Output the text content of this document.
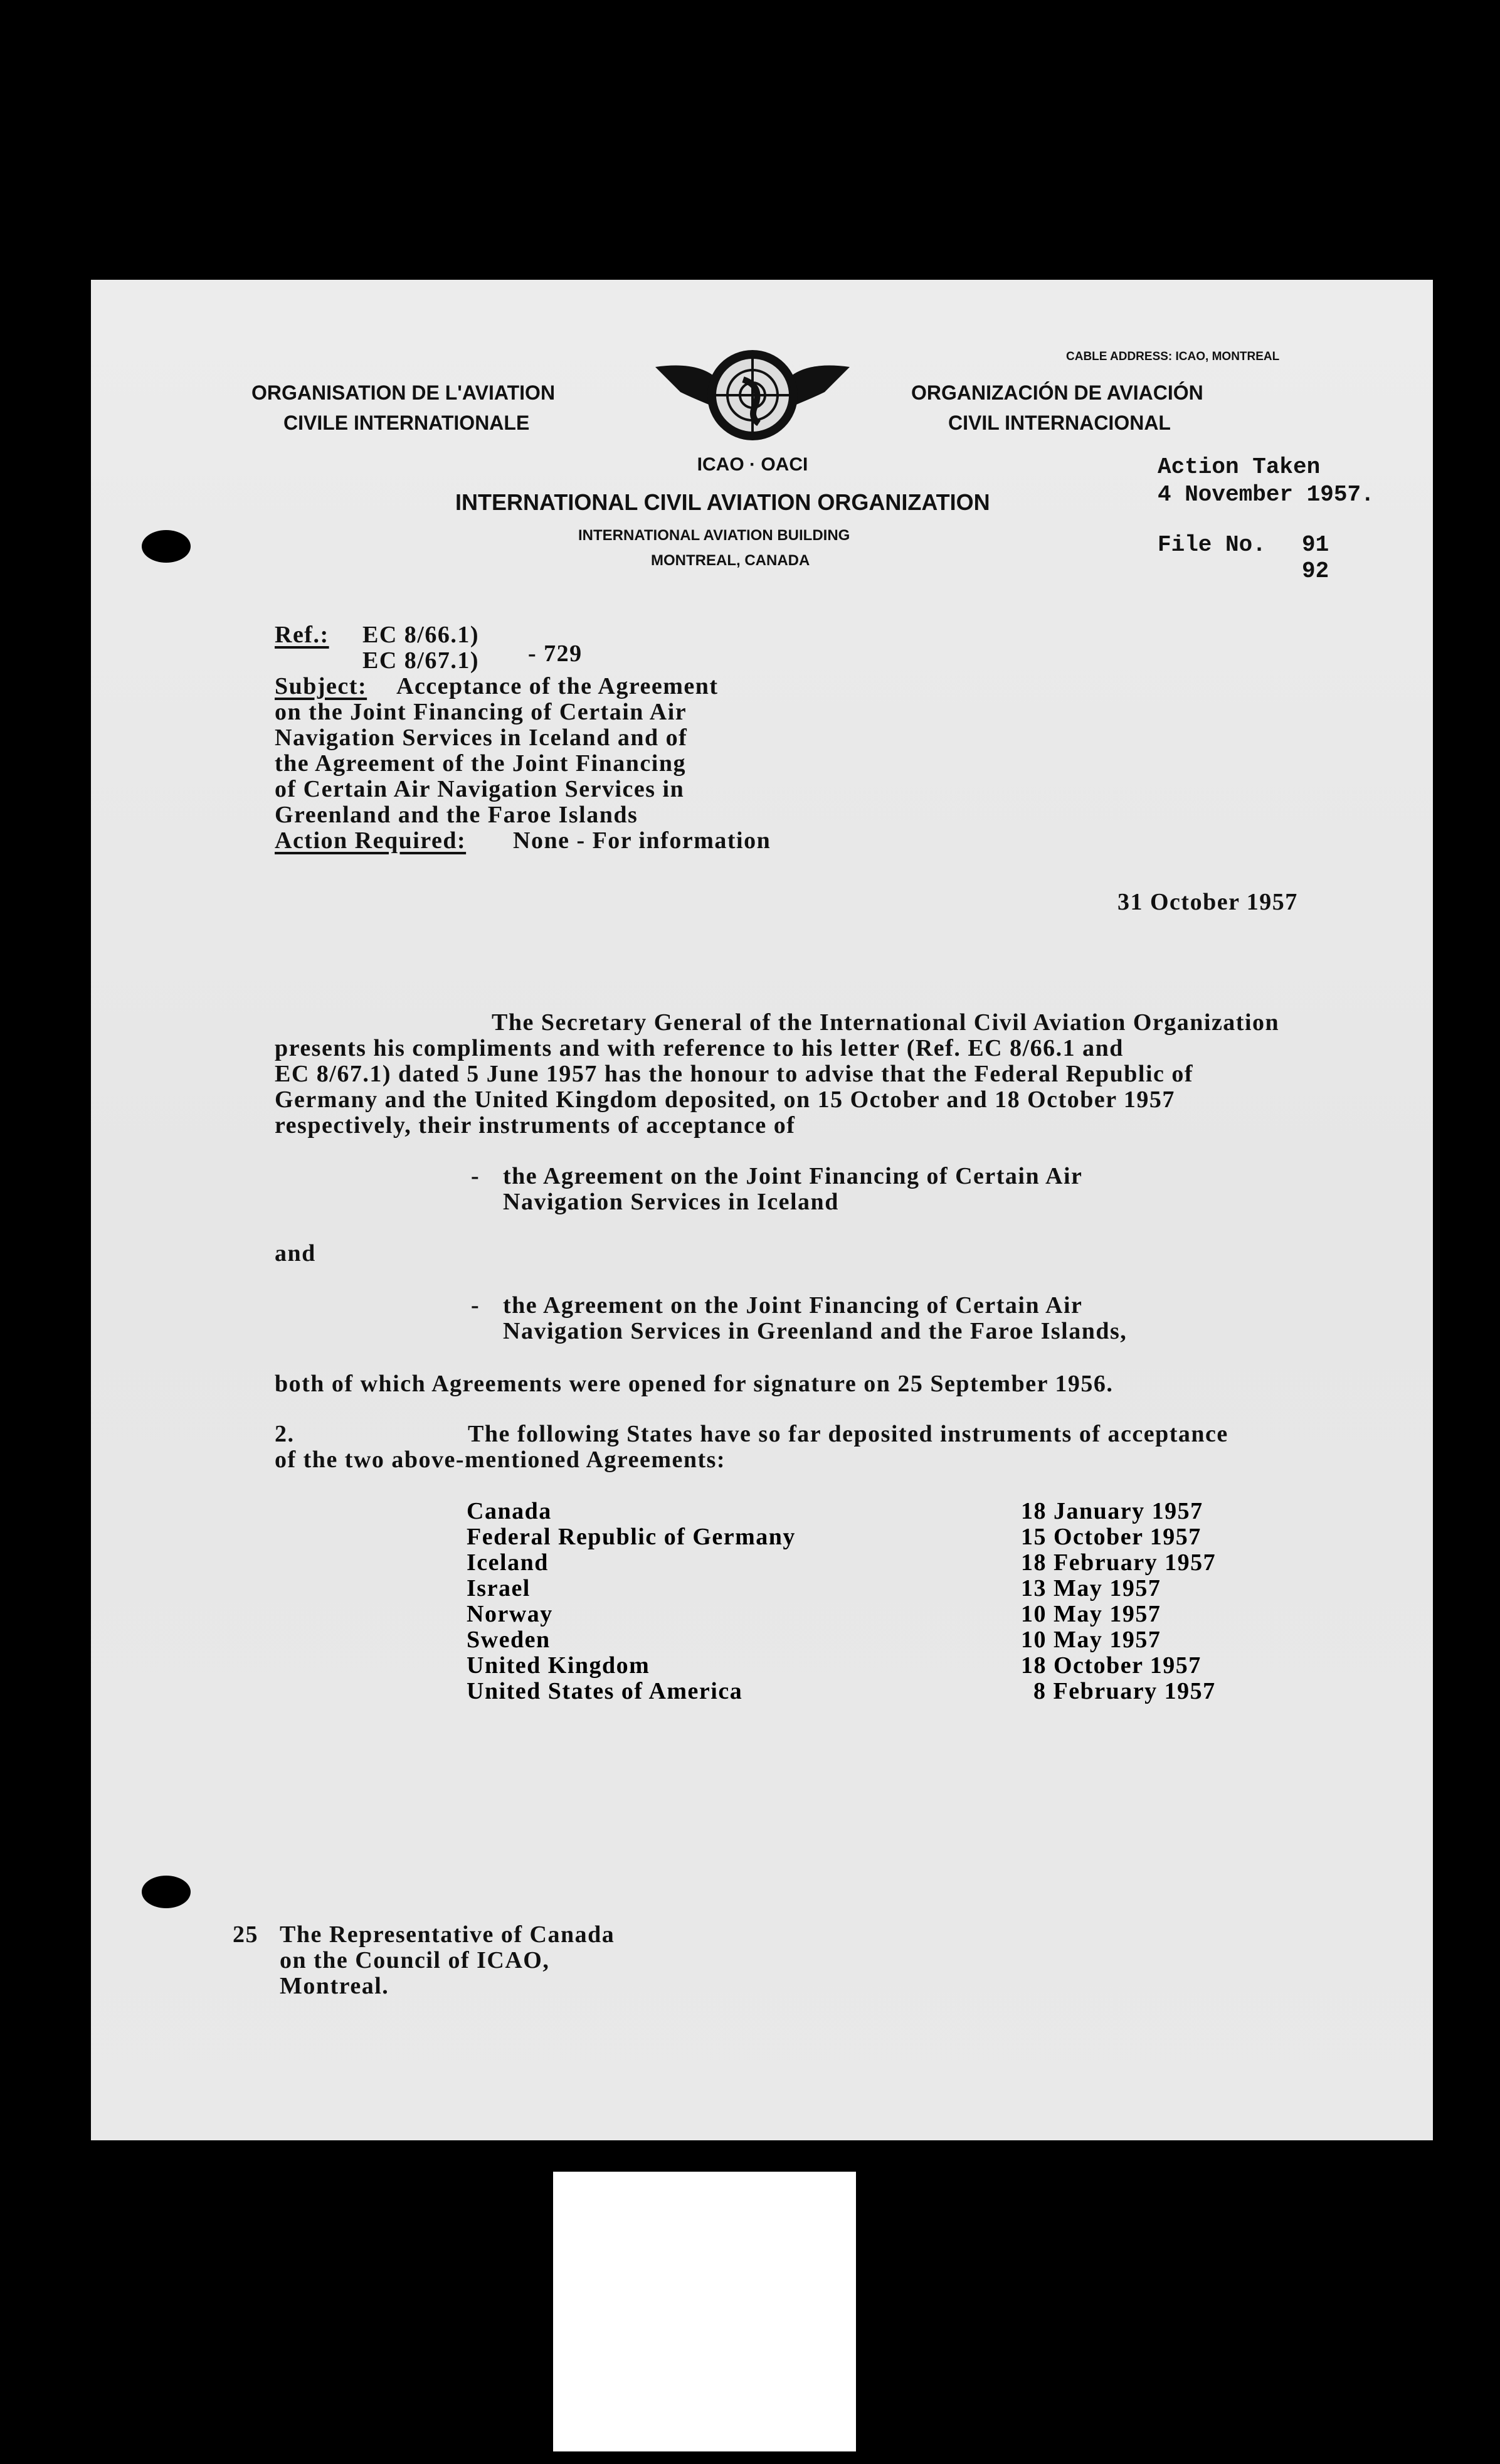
CABLE ADDRESS: ICAO, MONTREAL
ORGANISATION DE L'AVIATION
CIVILE INTERNATIONALE
ORGANIZACIÓN DE AVIACIÓN
CIVIL INTERNACIONAL
ICAO · OACI
INTERNATIONAL CIVIL AVIATION ORGANIZATION
INTERNATIONAL AVIATION BUILDING
MONTREAL, CANADA
Action Taken
4 November 1957.
File No. 91
92
Ref.: EC 8/66.1)
EC 8/67.1) - 729
Subject: Acceptance of the Agreement
on the Joint Financing of Certain Air
Navigation Services in Iceland and of
the Agreement of the Joint Financing
of Certain Air Navigation Services in
Greenland and the Faroe Islands
Action Required: None - For information
31 October 1957
The Secretary General of the International Civil Aviation Organization
presents his compliments and with reference to his letter (Ref. EC 8/66.1 and
EC 8/67.1) dated 5 June 1957 has the honour to advise that the Federal Republic of
Germany and the United Kingdom deposited, on 15 October and 18 October 1957
respectively, their instruments of acceptance of
- the Agreement on the Joint Financing of Certain Air
Navigation Services in Iceland
and
- the Agreement on the Joint Financing of Certain Air
Navigation Services in Greenland and the Faroe Islands,
both of which Agreements were opened for signature on 25 September 1956.
2.	The following States have so far deposited instruments of acceptance
of the two above-mentioned Agreements:
Canada	18 January 1957
Federal Republic of Germany	15 October 1957
Iceland	18 February 1957
Israel	13 May 1957
Norway	10 May 1957
Sweden	10 May 1957
United Kingdom	18 October 1957
United States of America	8 February 1957
25 The Representative of Canada
on the Council of ICAO,
Montreal.
